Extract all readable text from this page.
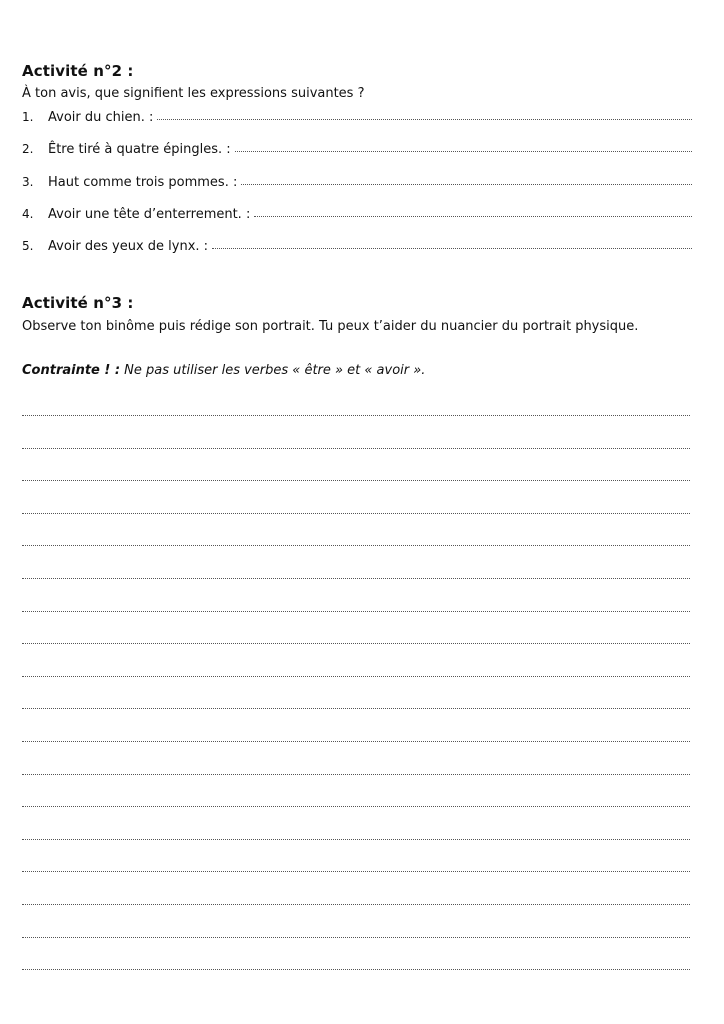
Activité n°2 :
À ton avis, que signifient les expressions suivantes ?
1.	Avoir du chien. :
2.	Être tiré à quatre épingles. :
3.	Haut comme trois pommes. :
4.	Avoir une tête d’enterrement. :
5.	Avoir des yeux de lynx. :
Activité n°3 :
Observe ton binôme puis rédige son portrait. Tu peux t’aider du nuancier du portrait physique.
Contrainte ! : Ne pas utiliser les verbes « être » et « avoir ».
